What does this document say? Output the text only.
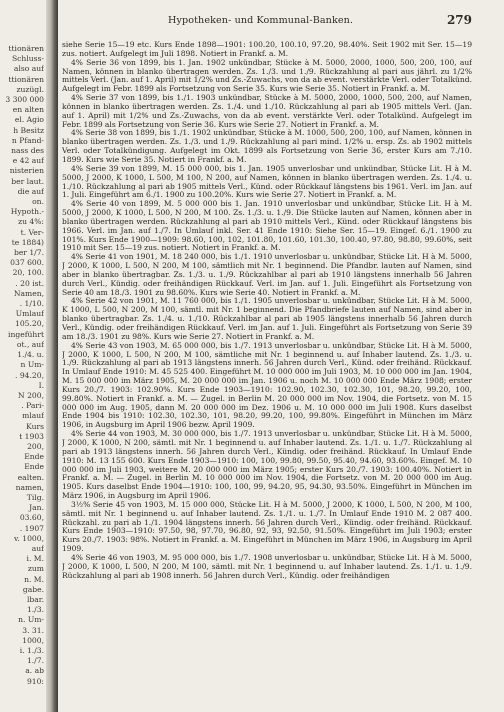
ttionären
Schluss-
also auf
ttionären
zuzügl.
3 300 000
en alten
el. Agio
h Besitz
n Pfand-
nass des
e 42 auf
nisterien
ber laut.
die auf
on.
Hypoth.-
zu 4%:
t. Ver-
te 1884)
ber 1/7.
037 600.
20, 100.
. 20 ist.
Namen,
. 1/10.
Umlauf
105.20,
ingeführt
ot., auf
1./4. u.
n Um-
. 94.20,
I.
N 200,
. Pari-
mlauf
Kurs
t 1903
200,
Ende
Ende
ealten.
namen,
Tilg.
Jan.
03.60,
. 1907
v. 1000,
auf
i. M.
zum
n. M.
gabe.
lbar.
1./3.
n. Um-
3. 31.
1000,
i. 1./3.
1./7.
a. ab
910:
Hypotheken- und Kommunal-Banken.	279

siehe Serie 15—19 etc. Kurs Ende 1898—1901: 100.20, 100.10, 97.20, 98.40%. Seit 1902 mit Ser. 15—19 zus. notiert. Aufgelegt im Juli 1898. Notiert in Frankf. a. M.

4% Serie 36 von 1899, bis 1. Jan. 1902 unkündbar, Stücke à M. 5000, 2000, 1000, 500, 200, 100, auf Namen, können in blanko übertragen werden. Zs. 1./3. und 1./9. Rückzahlung al pari aus jährl. zu 1/2% mittels Verl. (Jan. auf 1. April) mit 1/2% und Zs.-Zuwachs, von da ab event. verstärkte Verl. oder Totalkünd. Aufgelegt im Febr. 1899 als Fortsetzung von Serie 35. Kurs wie Serie 35. Notiert in Frankf. a. M.

4% Serie 37 von 1899, bis 1./1. 1903 unkündbar, Stücke à M. 5000, 2000, 1000, 500, 200, auf Namen, können in blanko übertragen werden. Zs. 1./4. und 1./10. Rückzahlung al pari ab 1905 mittels Verl. (Jan. auf 1. April) mit 1/2% und Zs.-Zuwachs, von da ab event. verstärkte Verl. oder Totalkünd. Aufgelegt im Febr. 1899 als Fortsetzung von Serie 36. Kurs wie Serie 27. Notiert in Frankf. a. M.

4% Serie 38 von 1899, bis 1./1. 1902 unkündbar, Stücke à M. 1000, 500, 200, 100, auf Namen, können in blanko übertragen werden. Zs. 1./3. und 1./9. Rückzahlung al pari mind. 1/2% u. ersp. Zs. ab 1902 mittels Verl. oder Totalkündigung. Aufgelegt im Okt. 1899 als Fortsetzung von Serie 36, erster Kurs am 7./10. 1899. Kurs wie Serie 35. Notiert in Frankf. a. M.

4% Serie 39 von 1899, M. 15 000 000, bis 1. Jan. 1905 unverlosbar und unkündbar, Stücke Lit. H à M. 5000, J 2000, K 1000, L 500, M 100, N 200, auf Namen, können in blanko übertragen werden. Zs. 1./4. u. 1./10. Rückzahlung al pari ab 1905 mittels Verl., Künd. oder Rückkauf längstens bis 1961. Verl. im Jan. auf 1. Juli. Eingeführt am 6./1. 1900 zu 100.20%. Kurs wie Serie 27. Notiert in Frankf. a. M.

4% Serie 40 von 1899, M. 5 000 000 bis 1. Jan. 1910 unverlosbar und unkündbar, Stücke Lit. H à M. 5000, J 2000, K 1000, L 500, N 200, M 100. Zs. 1./3. u. 1./9. Die Stücke lauten auf Namen, können aber in blanko übertragen werden. Rückzahlung al pari ab 1910 mittels Verl., Künd. oder Rückkauf längstens bis 1966. Verl. im Jan. auf 1./7. In Umlauf inkl. Ser. 41 Ende 1910: Siehe Ser. 15—19. Eingef. 6./1. 1900 zu 101%. Kurs Ende 1900—1909: 98.60, 100, 102, 101.80, 101.60, 101.30, 100.40, 97.80, 98.80, 99.60%, seit 1910 mit Ser. 15—19 zus. notiert. Notiert in Frankf. a. M.

4% Serie 41 von 1901, M. 18 240 000, bis 1./1. 1910 unverlosbar u. unkündbar, Stücke Lit. H à M. 5000, J 2000, K 1000, L 500, N 200, M 100, sämtlich mit Nr. 1 beginnend. Die Pfandbr. lauten auf Namen, sind aber in blanko übertragbar. Zs. 1./3. u. 1./9. Rückzahlbar al pari ab 1910 längstens innerhalb 56 Jahren durch Verl., Kündig. oder freihändigen Rückkauf. Verl. im Jan. auf 1. Juli. Eingeführt als Fortsetzung von Serie 40 am 18./3. 1901 zu 98.60%. Kurs wie Serie 40. Notiert in Frankf. a. M.

4% Serie 42 von 1901, M. 11 760 000, bis 1./1. 1905 unverlosbar u. unkündbar, Stücke Lit. H à M. 5000, K 1000, L 500, N 200, M 100, sämtl. mit Nr. 1 beginnend. Die Pfandbriefe lauten auf Namen, sind aber in blanko übertragbar. Zs. 1./4. u. 1./10. Rückzahlbar al pari ab 1905 längstens innerhalb 56 Jahren durch Verl., Kündig. oder freihändigen Rückkauf. Verl. im Jan. auf 1. Juli. Eingeführt als Fortsetzung von Serie 39 am 18./3. 1901 zu 98%. Kurs wie Serie 27. Notiert in Frankf. a. M.

4% Serie 43 von 1903, M. 65 000 000, bis 1./7. 1913 unverlosbar u. unkündbar, Stücke Lit. H à M. 5000, J 2000, K 1000, L 500, N 200, M 100, sämtliche mit Nr. 1 beginnend u. auf Inhaber lautend. Zs. 1./3. u. 1./9. Rückzahlung al pari ab 1913 längstens innerh. 56 Jahren durch Verl., Künd. oder freihänd. Rückkauf. In Umlauf Ende 1910: M. 45 525 400. Eingeführt M. 10 000 000 im Juli 1903, M. 10 000 000 im Jan. 1904, M. 15 000 000 im März 1905, M. 20 000 000 im Jan. 1906 u. noch M. 10 000 000 Ende März 1908; erster Kurs 20./7. 1903: 102.90%. Kurs Ende 1903—1910: 102.90, 102.30, 102.30, 101, 98.20, 99.20, 100, 99.80%. Notiert in Frankf. a. M. — Zugel. in Berlin M. 20 000 000 im Nov. 1904, die Fortsetz. von M. 15 000 000 im Aug. 1905, dann M. 20 000 000 im Dez. 1906 u. M. 10 000 000 im Juli 1908. Kurs daselbst Ende 1904 bis 1910: 102.30, 102.30, 101, 98.20, 99.20, 100, 99.80%. Eingeführt in München im März 1906, in Augsburg im April 1906 bezw. April 1909.

4% Serie 44 von 1903, M. 30 000 000, bis 1./7. 1913 unverlosbar u. unkündbar, Stücke Lit. H à M. 5000, J 2000, K 1000, N 200, sämtl. mit Nr. 1 beginnend u. auf Inhaber lautend. Zs. 1./1. u. 1./7. Rückzahlung al pari ab 1913 längstens innerh. 56 Jahren durch Verl., Kündig. oder freihänd. Rückkauf. In Umlauf Ende 1910: M. 13 155 600. Kurs Ende 1903—1910: 100, 100, 99.80, 99.50, 95.40, 94.60, 93.60%. Eingef. M. 10 000 000 im Juli 1903, weitere M. 20 000 000 im März 1905; erster Kurs 20./7. 1903: 100.40%. Notiert in Frankf. a. M. — Zugel. in Berlin M. 10 000 000 im Nov. 1904, die Fortsetz. von M. 20 000 000 im Aug. 1905. Kurs daselbst Ende 1904—1910: 100, 100, 99, 94.20, 95, 94.30, 93.50%. Eingeführt in München im März 1906, in Augsburg im April 1906.

3½% Serie 45 von 1903, M. 15 000 000, Stücke Lit. H à M. 5000, J 2000, K 1000, L 500, N 200, M 100, sämtl. mit Nr. 1 beginnend u. auf Inhaber lautend. Zs. 1./1. u. 1./7. In Umlauf Ende 1910 M. 2 087 400. Rückzahl. zu pari ab 1./1. 1904 längstens innerh. 56 Jahren durch Verl., Kündig. oder freihänd. Rückkauf. Kurs Ende 1903—1910: 97.50, 98, 97.70, 96.80, 92, 93, 92.50, 91.50%. Eingeführt im Juli 1903; erster Kurs 20./7. 1903: 98%. Notiert in Frankf. a. M. Eingeführt in München im März 1906, in Augsburg im April 1909.

4% Serie 46 von 1903, M. 95 000 000, bis 1./7. 1908 unverlosbar u. unkündbar, Stücke Lit. H à M. 5000, J 2000, K 1000, L 500, N 200, M 100, sämtl. mit Nr. 1 beginnend u. auf Inhaber lautend. Zs. 1./1. u. 1./9. Rückzahlung al pari ab 1908 innerh. 56 Jahren durch Verl., Kündig. oder freihändigen
